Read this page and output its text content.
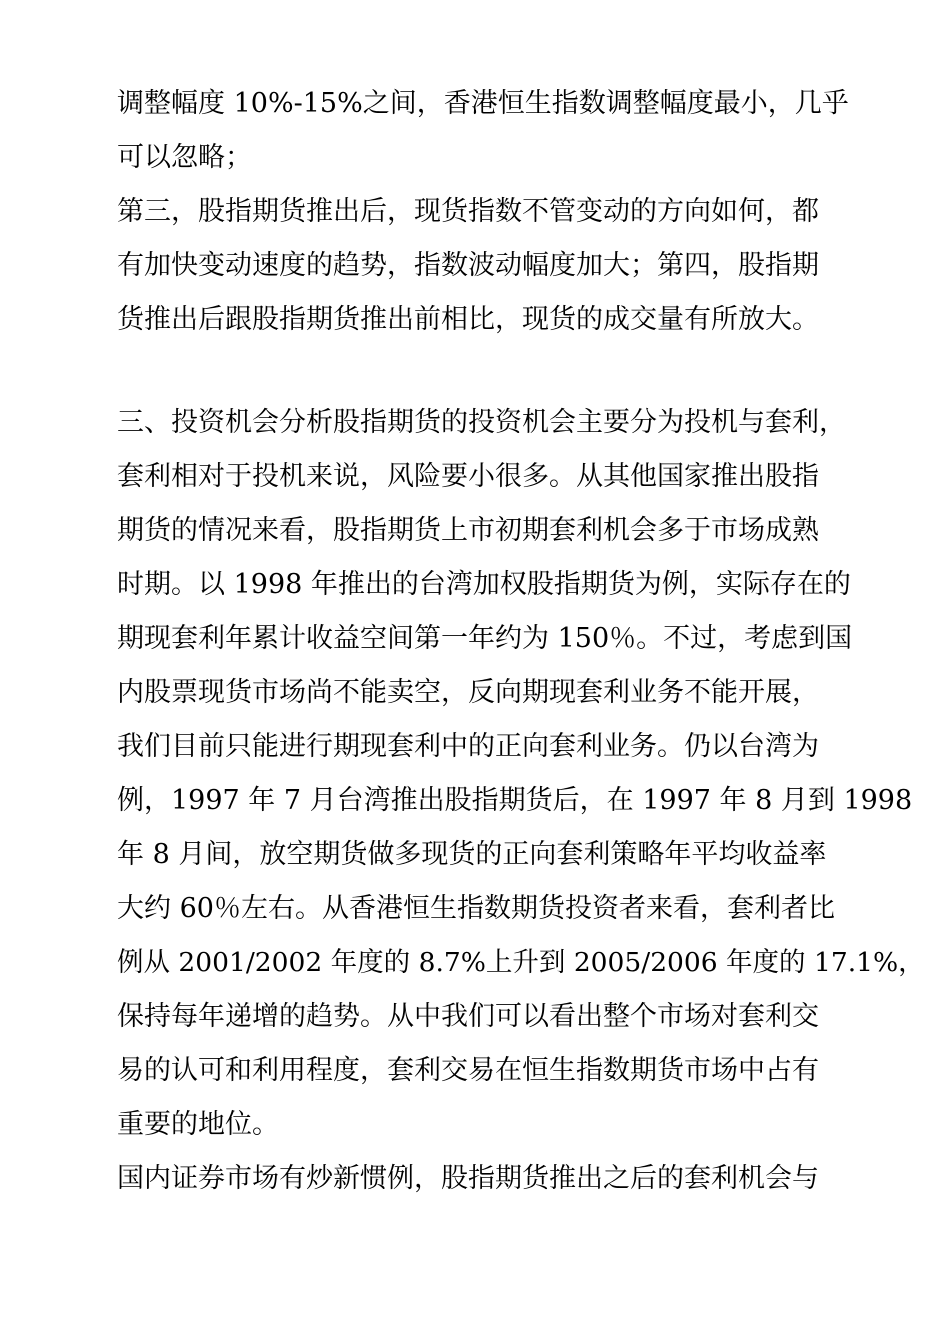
调整幅度 10%-15%之间，香港恒生指数调整幅度最小，几乎
可以忽略；
第三，股指期货推出后，现货指数不管变动的方向如何，都
有加快变动速度的趋势，指数波动幅度加大；第四，股指期
货推出后跟股指期货推出前相比，现货的成交量有所放大。
三、投资机会分析股指期货的投资机会主要分为投机与套利，
套利相对于投机来说，风险要小很多。从其他国家推出股指
期货的情况来看，股指期货上市初期套利机会多于市场成熟
时期。以 1998 年推出的台湾加权股指期货为例，实际存在的
期现套利年累计收益空间第一年约为 150％。不过，考虑到国
内股票现货市场尚不能卖空，反向期现套利业务不能开展，
我们目前只能进行期现套利中的正向套利业务。仍以台湾为
例，1997 年 7 月台湾推出股指期货后，在 1997 年 8 月到 1998
年 8 月间，放空期货做多现货的正向套利策略年平均收益率
大约 60％左右。从香港恒生指数期货投资者来看，套利者比
例从 2001/2002 年度的 8.7%上升到 2005/2006 年度的 17.1%，
保持每年递增的趋势。从中我们可以看出整个市场对套利交
易的认可和利用程度，套利交易在恒生指数期货市场中占有
重要的地位。
国内证券市场有炒新惯例，股指期货推出之后的套利机会与
